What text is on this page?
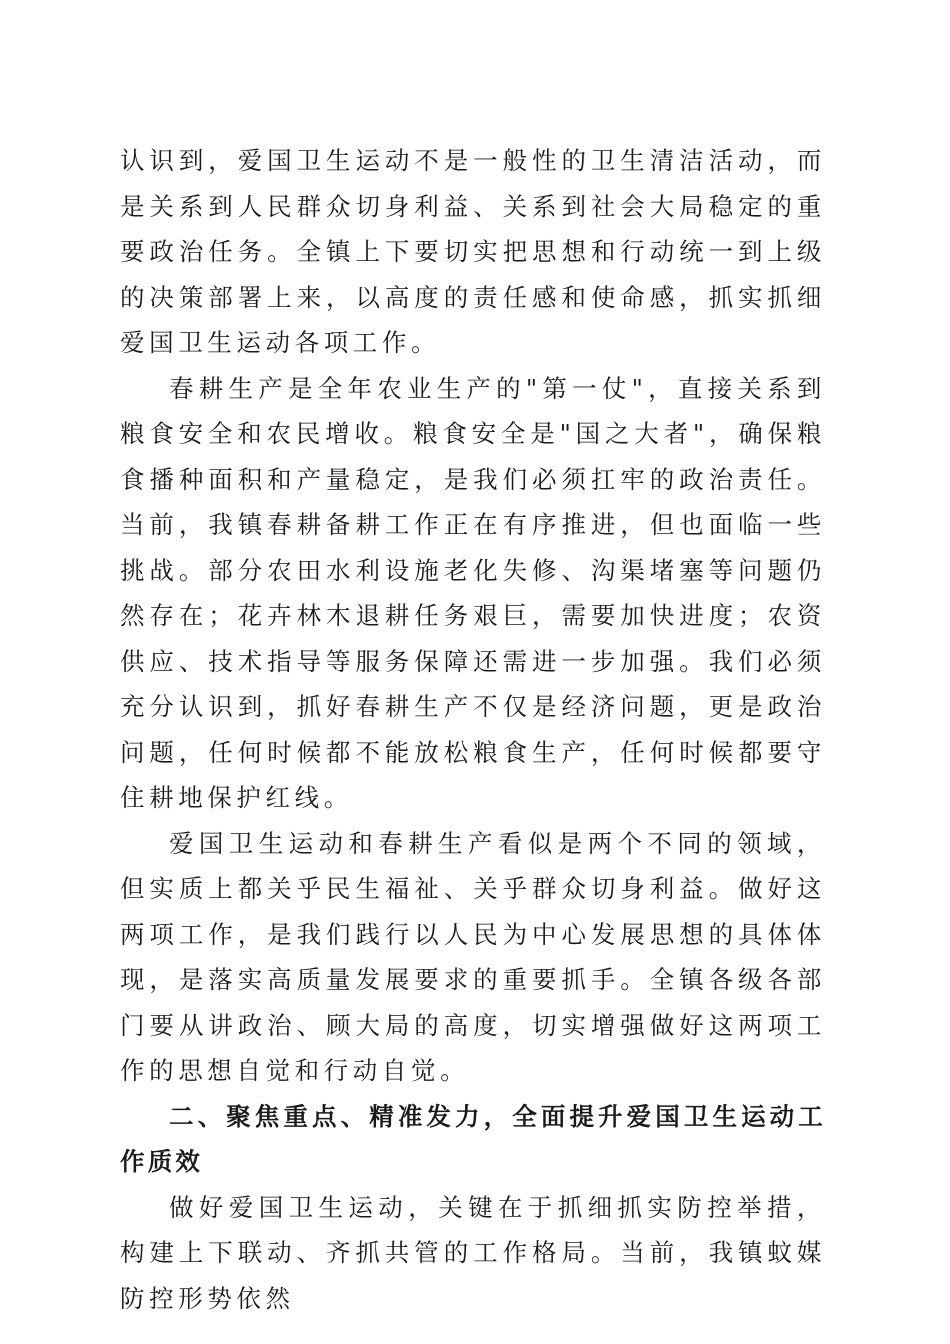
认识到，爱国卫生运动不是一般性的卫生清洁活动，而是关系到人民群众切身利益、关系到社会大局稳定的重要政治任务。全镇上下要切实把思想和行动统一到上级的决策部署上来，以高度的责任感和使命感，抓实抓细爱国卫生运动各项工作。

春耕生产是全年农业生产的"第一仗"，直接关系到粮食安全和农民增收。粮食安全是"国之大者"，确保粮食播种面积和产量稳定，是我们必须扛牢的政治责任。当前，我镇春耕备耕工作正在有序推进，但也面临一些挑战。部分农田水利设施老化失修、沟渠堵塞等问题仍然存在；花卉林木退耕任务艰巨，需要加快进度；农资供应、技术指导等服务保障还需进一步加强。我们必须充分认识到，抓好春耕生产不仅是经济问题，更是政治问题，任何时候都不能放松粮食生产，任何时候都要守住耕地保护红线。

爱国卫生运动和春耕生产看似是两个不同的领域，但实质上都关乎民生福祉、关乎群众切身利益。做好这两项工作，是我们践行以人民为中心发展思想的具体体现，是落实高质量发展要求的重要抓手。全镇各级各部门要从讲政治、顾大局的高度，切实增强做好这两项工作的思想自觉和行动自觉。

二、聚焦重点、精准发力，全面提升爱国卫生运动工作质效

做好爱国卫生运动，关键在于抓细抓实防控举措，构建上下联动、齐抓共管的工作格局。当前，我镇蚊媒防控形势依然
